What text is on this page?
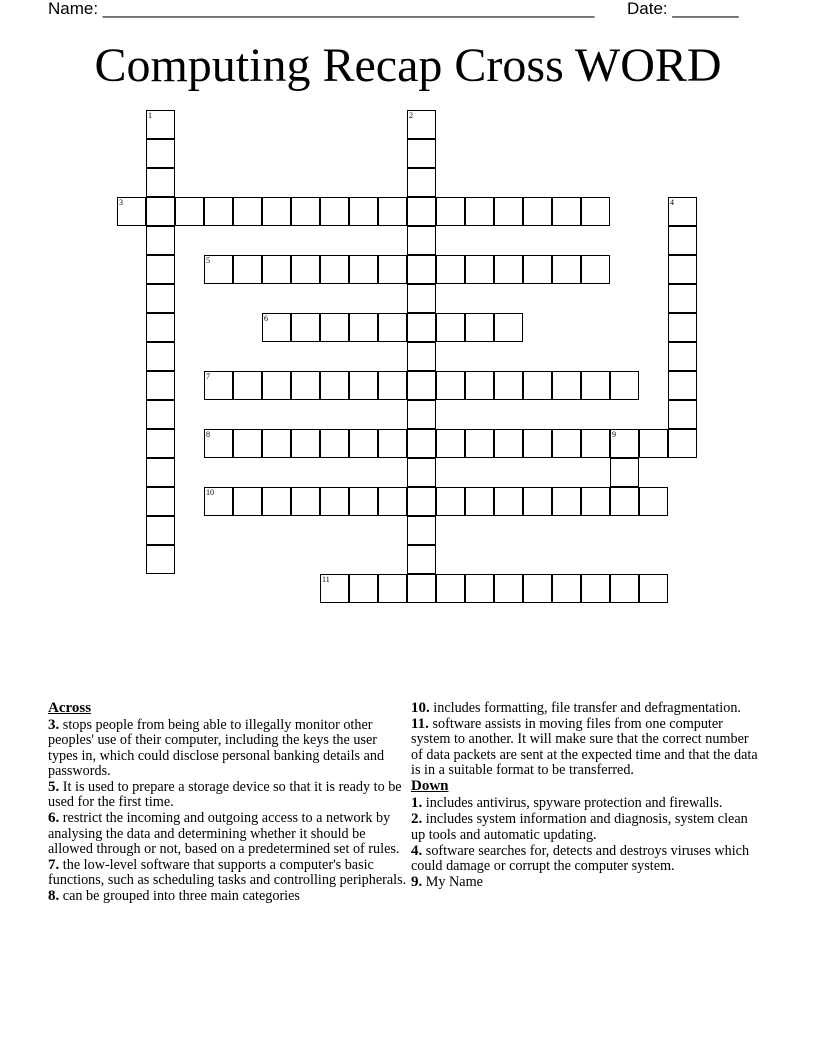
Name: ____________________________________________________ Date: _______
Computing Recap Cross WORD
1	2
3	4
5
6
7
8	9
10
11
Across
3. stops people from being able to illegally monitor other peoples' use of their computer, including the keys the user types in, which could disclose personal banking details and passwords.
5. It is used to prepare a storage device so that it is ready to be used for the first time.
6. restrict the incoming and outgoing access to a network by analysing the data and determining whether it should be allowed through or not, based on a predetermined set of rules.
7. the low-level software that supports a computer's basic functions, such as scheduling tasks and controlling peripherals.
8. can be grouped into three main categories
10. includes formatting, file transfer and defragmentation.
11. software assists in moving files from one computer system to another. It will make sure that the correct number of data packets are sent at the expected time and that the data is in a suitable format to be transferred.
Down
1. includes antivirus, spyware protection and firewalls.
2. includes system information and diagnosis, system clean up tools and automatic updating.
4. software searches for, detects and destroys viruses which could damage or corrupt the computer system.
9. My Name
